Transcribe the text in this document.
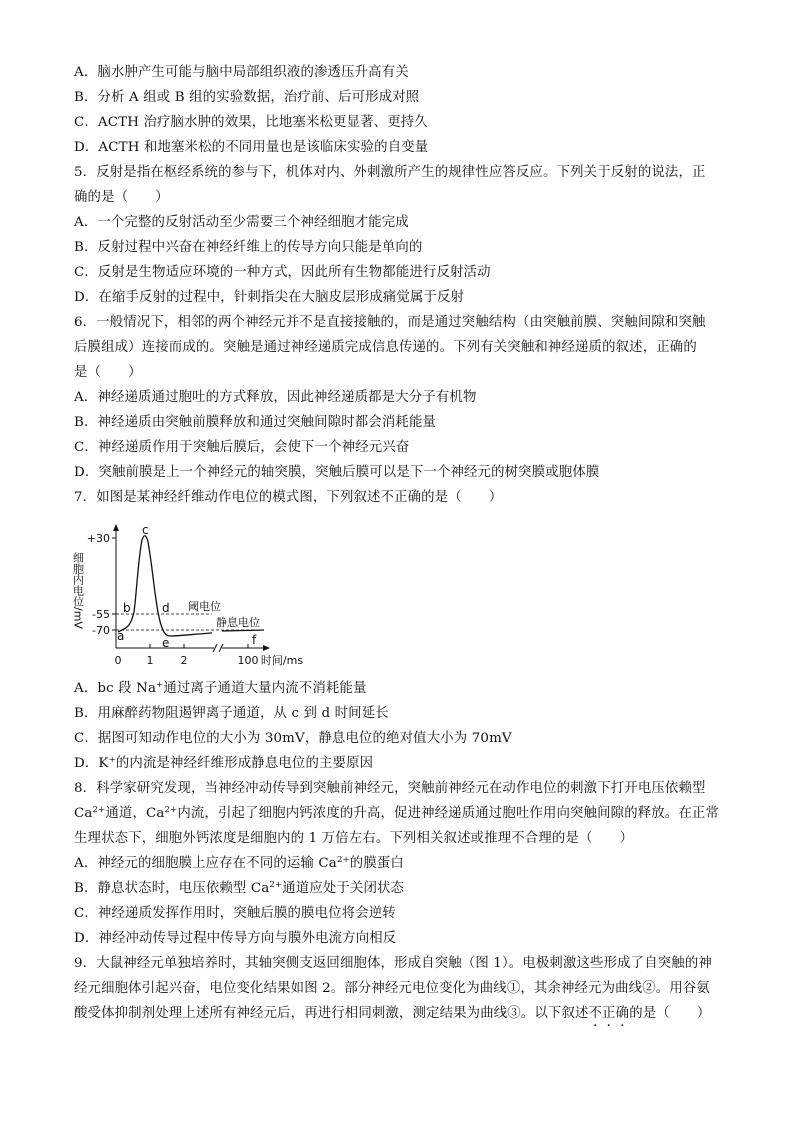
A．脑水肿产生可能与脑中局部组织液的渗透压升高有关
B．分析 A 组或 B 组的实验数据，治疗前、后可形成对照
C．ACTH 治疗脑水肿的效果，比地塞米松更显著、更持久
D．ACTH 和地塞米松的不同用量也是该临床实验的自变量
5．反射是指在枢经系统的参与下，机体对内、外刺激所产生的规律性应答反应。下列关于反射的说法，正
确的是（　　）
A．一个完整的反射活动至少需要三个神经细胞才能完成
B．反射过程中兴奋在神经纤维上的传导方向只能是单向的
C．反射是生物适应环境的一种方式，因此所有生物都能进行反射活动
D．在缩手反射的过程中，针刺指尖在大脑皮层形成痛觉属于反射
6．一般情况下，相邻的两个神经元并不是直接接触的，而是通过突触结构（由突触前膜、突触间隙和突触
后膜组成）连接而成的。突触是通过神经递质完成信息传递的。下列有关突触和神经递质的叙述，正确的
是（　　）
A．神经递质通过胞吐的方式释放，因此神经递质都是大分子有机物
B．神经递质由突触前膜释放和通过突触间隙时都会消耗能量
C．神经递质作用于突触后膜后，会使下一个神经元兴奋
D．突触前膜是上一个神经元的轴突膜，突触后膜可以是下一个神经元的树突膜或胞体膜
7．如图是某神经纤维动作电位的模式图，下列叙述不正确的是（　　）
+30
-55
-70
0 1 2	100 时间/ms
细胞内电位/mV	阈电位
静息电位
a
b
c
d
e	f
A．bc 段 Na+通过离子通道大量内流不消耗能量
B．用麻醉药物阻遏钾离子通道，从 c 到 d 时间延长
C．据图可知动作电位的大小为 30mV，静息电位的绝对值大小为 70mV
D．K+的内流是神经纤维形成静息电位的主要原因
8．科学家研究发现，当神经冲动传导到突触前神经元，突触前神经元在动作电位的刺激下打开电压依赖型
$Ca^{2+}$通道，$Ca^{2+}$内流，引起了细胞内钙浓度的升高，促进神经递质通过胞吐作用向突触间隙的释放。在正常
生理状态下，细胞外钙浓度是细胞内的 1 万倍左右。下列相关叙述或推理不合理的是（　　）
A．神经元的细胞膜上应存在不同的运输 $Ca^{2+}$的膜蛋白
B．静息状态时，电压依赖型 $Ca^{2+}$通道应处于关闭状态
C．神经递质发挥作用时，突触后膜的膜电位将会逆转
D．神经冲动传导过程中传导方向与膜外电流方向相反
9．大鼠神经元单独培养时，其轴突侧支返回细胞体，形成自突触（图 1）。电极刺激这些形成了自突触的神
经元细胞体引起兴奋，电位变化结果如图 2。部分神经元电位变化为曲线①，其余神经元为曲线②。用谷氨
酸受体抑制剂处理上述所有神经元后，再进行相同刺激，测定结果为曲线③。以下叙述不正确的是（　　）
